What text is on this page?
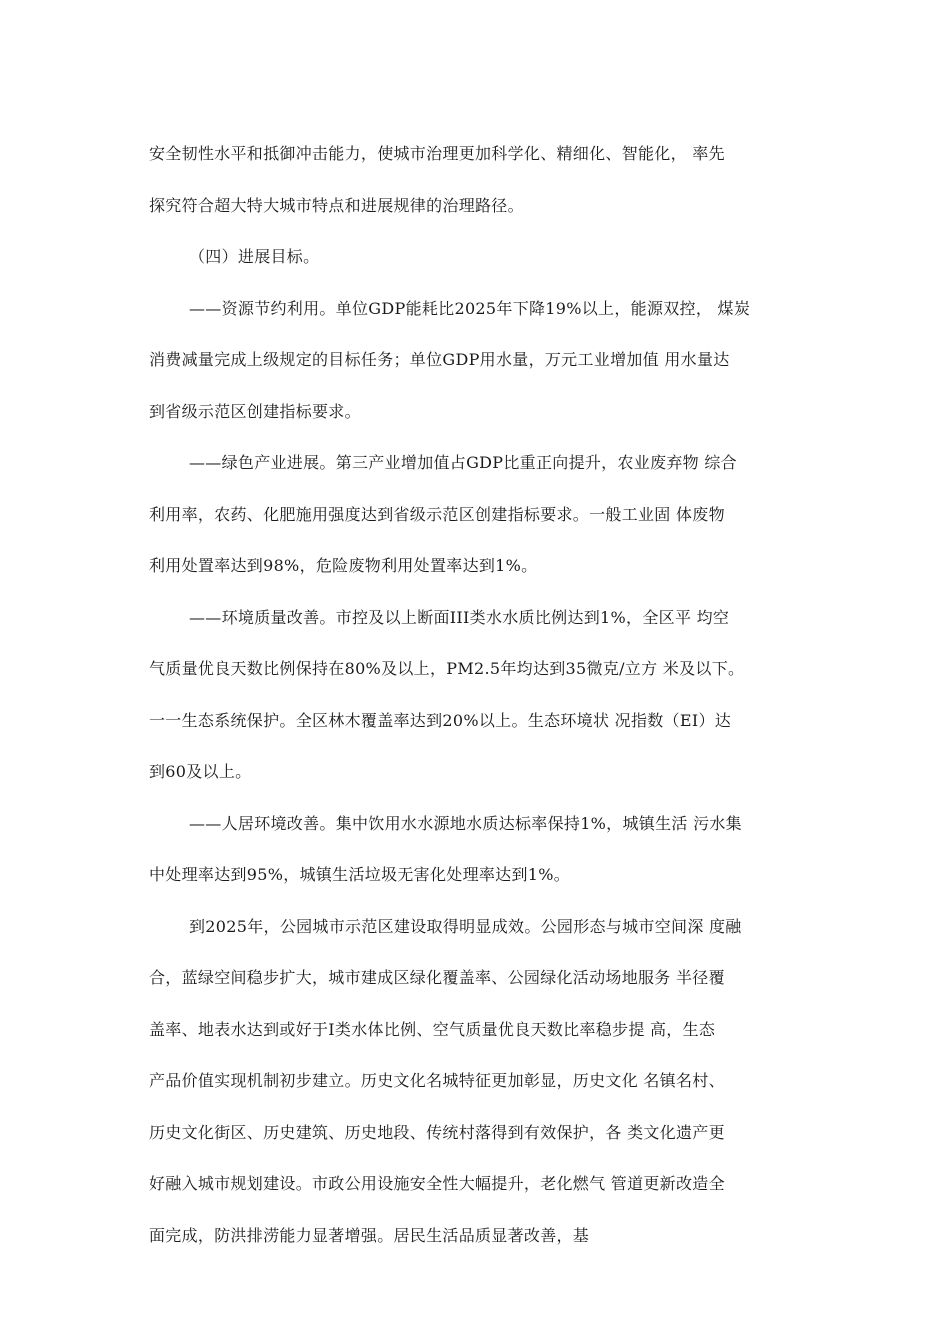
安全韧性水平和抵御冲击能力，使城市治理更加科学化、精细化、智能化， 率先
探究符合超大特大城市特点和进展规律的治理路径。
（四）进展目标。
——资源节约利用。单位GDP能耗比2025年下降19%以上，能源双控， 煤炭
消费减量完成上级规定的目标任务；单位GDP用水量，万元工业增加值 用水量达
到省级示范区创建指标要求。
——绿色产业进展。第三产业增加值占GDP比重正向提升，农业废弃物 综合
利用率，农药、化肥施用强度达到省级示范区创建指标要求。一般工业固 体废物
利用处置率达到98%，危险废物利用处置率达到1%。
——环境质量改善。市控及以上断面III类水水质比例达到1%，全区平 均空
气质量优良天数比例保持在80%及以上，PM2.5年均达到35微克/立方 米及以下。
一一生态系统保护。全区林木覆盖率达到20%以上。生态环境状 况指数（EI）达
到60及以上。
——人居环境改善。集中饮用水水源地水质达标率保持1%，城镇生活 污水集
中处理率达到95%，城镇生活垃圾无害化处理率达到1%。
到2025年，公园城市示范区建设取得明显成效。公园形态与城市空间深 度融
合，蓝绿空间稳步扩大，城市建成区绿化覆盖率、公园绿化活动场地服务 半径覆
盖率、地表水达到或好于Ⅰ类水体比例、空气质量优良天数比率稳步提 高，生态
产品价值实现机制初步建立。历史文化名城特征更加彰显，历史文化 名镇名村、
历史文化街区、历史建筑、历史地段、传统村落得到有效保护，各 类文化遗产更
好融入城市规划建设。市政公用设施安全性大幅提升，老化燃气 管道更新改造全
面完成，防洪排涝能力显著增强。居民生活品质显著改善，基
